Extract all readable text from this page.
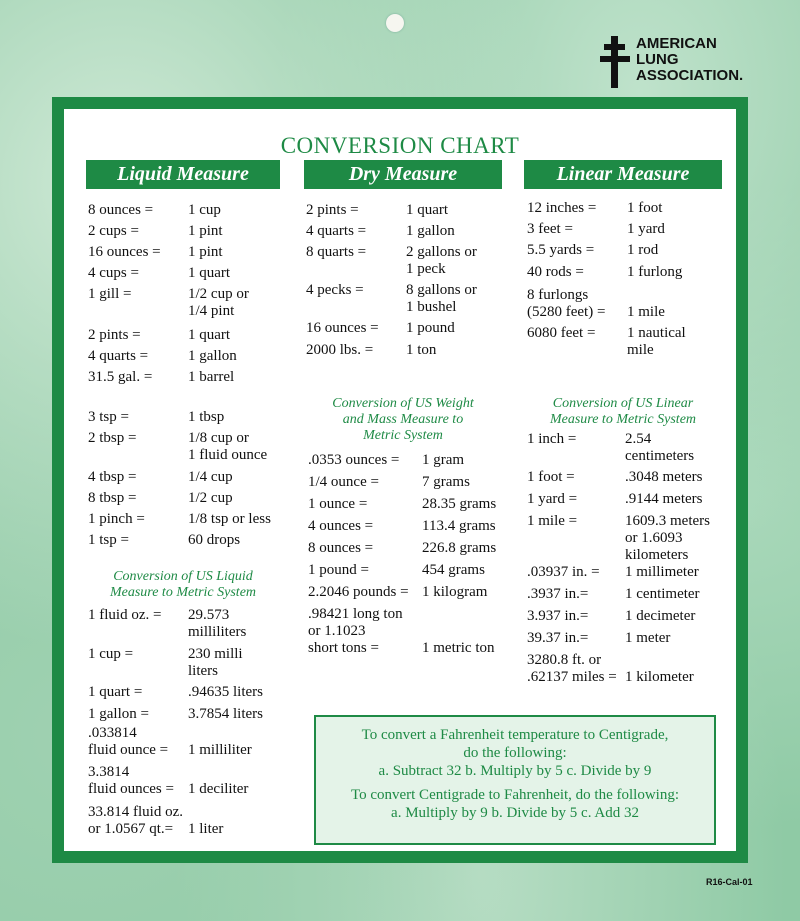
AMERICAN
LUNG
ASSOCIATION.
CONVERSION CHART
Liquid Measure	Dry Measure	Linear Measure
8 ounces = 1 cup
2 cups =	1 pint
16 ounces = 1 pint
4 cups =	1 quart
1 gill =	1/2 cup or
1/4 pint
2 pints =	1 quart
4 quarts =	1 gallon
31.5 gal. = 1 barrel
3 tsp =	1 tbsp
2 tbsp =	1/8 cup or
1 fluid ounce
4 tbsp =	1/4 cup
8 tbsp =	1/2 cup
1 pinch =	1/8 tsp or less
1 tsp =	60 drops
Conversion of US Liquid
Measure to Metric System
1 fluid oz. = 29.573
milliliters
1 cup =	230 milli
liters
1 quart =	.94635 liters
1 gallon =	3.7854 liters
.033814
fluid ounce = 1 milliliter
3.3814
fluid ounces = 1 deciliter
33.814 fluid oz.
or 1.0567 qt.= 1 liter
2 pints =	1 quart
4 quarts =	1 gallon
8 quarts =	2 gallons or
1 peck
4 pecks =	8 gallons or
1 bushel
16 ounces = 1 pound
2000 lbs. = 1 ton
Conversion of US Weight
and Mass Measure to
Metric System
.0353 ounces = 1 gram
1/4 ounce =	7 grams
1 ounce =	28.35 grams
4 ounces =	113.4 grams
8 ounces =	226.8 grams
1 pound =	454 grams
2.2046 pounds = 1 kilogram
.98421 long ton
or 1.1023
short tons =	1 metric ton
12 inches = 1 foot
3 feet =	1 yard
5.5 yards = 1 rod
40 rods =	1 furlong
8 furlongs
(5280 feet) = 1 mile
6080 feet = 1 nautical
mile
Conversion of US Linear
Measure to Metric System
1 inch =	2.54
centimeters
1 foot =	.3048 meters
1 yard =	.9144 meters
1 mile =	1609.3 meters
or 1.6093
kilometers
.03937 in. = 1 millimeter
.3937 in.= 1 centimeter
3.937 in.= 1 decimeter
39.37 in.= 1 meter
3280.8 ft. or
.62137 miles = 1 kilometer
To convert a Fahrenheit temperature to Centigrade,
do the following:
a. Subtract 32 b. Multiply by 5 c. Divide by 9
To convert Centigrade to Fahrenheit, do the following:
a. Multiply by 9 b. Divide by 5 c. Add 32
R16-Cal-01
